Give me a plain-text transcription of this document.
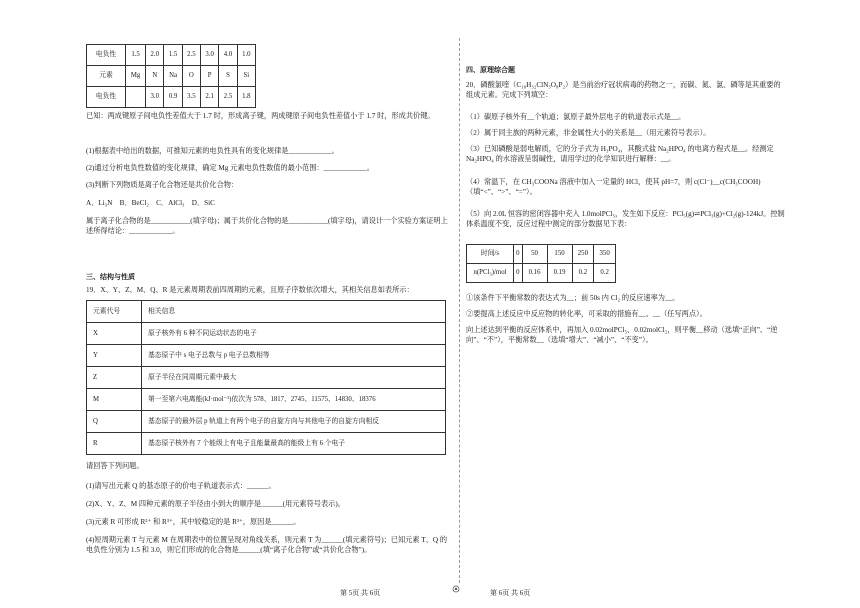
电负性	1.5	2.0	1.5	2.5	3.0	4.0	1.0
元素	Mg	N	Na	O	P	S	Si
电负性		3.0	0.9	3.5	2.1	2.5	1.8

已知：两成键原子间电负性差值大于 1.7 时，形成离子键，两成键原子间电负性差值小于 1.7 时，形成共价键。

(1)根据表中给出的数据，可推知元素的电负性具有的变化规律是____________。

(2)通过分析电负性数值的变化规律，确定 Mg 元素电负性数值的最小范围：____________。

(3)判断下列物质是离子化合物还是共价化合物：

A．Li₃N　B．BeCl₂　C．AlCl₃　D．SiC

属于离子化合物的是___________(填字母)；属于共价化合物的是___________(填字母)，请设计一个实验方案证明上述所得结论：____________。

三、结构与性质

19．X、Y、Z、M、Q、R 是元素周期表前四周期的元素，且原子序数依次增大，其相关信息如表所示：

元素代号	相关信息
X	原子核外有 6 种不同运动状态的电子
Y	基态原子中 s 电子总数与 p 电子总数相等
Z	原子半径在同周期元素中最大
M	第一至第六电离能(kJ·mol⁻¹)依次为 578、1817、2745、11575、14830、18376
Q	基态原子的最外层 p 轨道上有两个电子的自旋方向与其他电子的自旋方向相反
R	基态原子核外有 7 个能级上有电子且能量最高的能级上有 6 个电子

请回答下列问题。

(1)请写出元素 Q 的基态原子的价电子轨道表示式：______。

(2)X、Y、Z、M 四种元素的原子半径由小到大的顺序是______(用元素符号表示)。

(3)元素 R 可形成 R²⁺ 和 R³⁺，其中较稳定的是 R³⁺，原因是______。

(4)短周期元素 T 与元素 M 在周期表中的位置呈现对角线关系，则元素 T 为______(填元素符号)；已知元素 T、Q 的电负性分别为 1.5 和 3.0，则它们形成的化合物是______(填“离子化合物”或“共价化合物”)。

四、原理综合题

20．磷酸氯喹（C₁₈H₃₂ClN₃O₈P₂）是当前治疗冠状病毒的药物之一，而碳、氮、氯、磷等是其重要的组成元素。完成下列填空：

（1）碳原子核外有__个轨道；氯原子最外层电子的轨道表示式是__。

（2）属于同主族的两种元素，非金属性大小的关系是__（用元素符号表示）。

（3）已知磷酸是弱电解质，它的分子式为 H₃PO₄，其酸式盐 Na₂HPO₄ 的电离方程式是__。经测定 Na₂HPO₄ 的水溶液呈弱碱性，请用学过的化学知识进行解释：__。

（4）常温下，在 CH₃COONa 溶液中加入一定量的 HCl，使其 pH=7，则 c(Cl⁻)__c(CH₃COOH)（填“<”、“>”、“=”）。

（5）向 2.0L 恒容的密闭容器中充入 1.0molPCl₅，发生如下反应：PCl₅(g)⇌PCl₃(g)+Cl₂(g)-124kJ。控制体系温度不变，反应过程中测定的部分数据见下表：

时间/s	0	50	150	250	350
n(PCl₃)/mol	0	0.16	0.19	0.2	0.2

①该条件下平衡常数的表达式为__；前 50s 内 Cl₂ 的反应速率为__。

②要提高上述反应中反应物的转化率，可采取的措施有__、__（任写两点）。

向上述达到平衡的反应体系中，再加入 0.02molPCl₅、0.02molCl₂，则平衡__移动（选填“正向”、“逆向”、“不”），平衡常数__（选填“增大”、“减小”、“不变”）。

第 5页 共 6页	第 6页 共 6页
